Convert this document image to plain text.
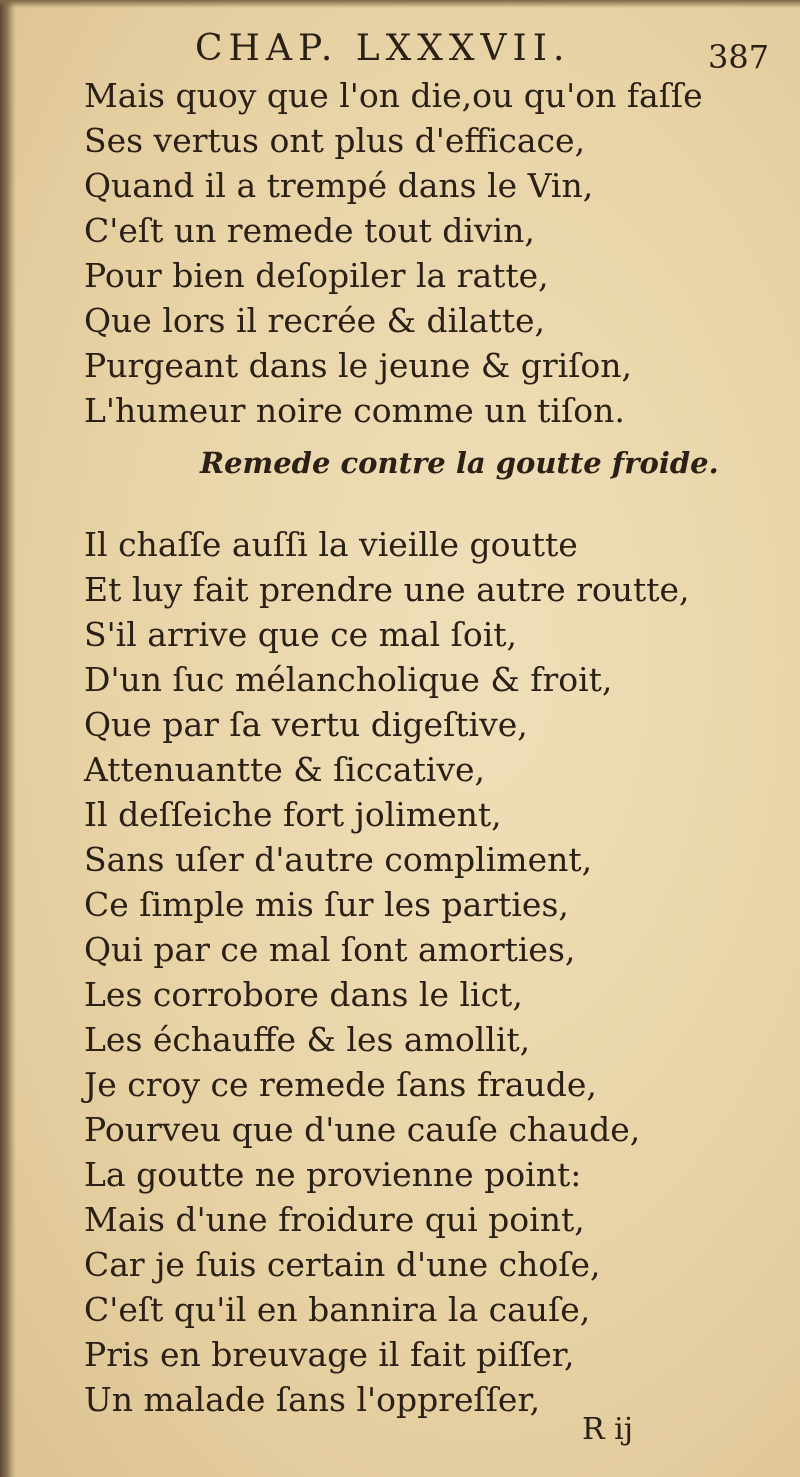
CHAP. LXXXVII.	387
Mais quoy que l'on die,ou qu'on faſſe
Ses vertus ont plus d'efficace,
Quand il a trempé dans le Vin,
C'eſt un remede tout divin,
Pour bien deſopiler la ratte,
Que lors il recrée & dilatte,
Purgeant dans le jeune & griſon,
L'humeur noire comme un tiſon.
Remede contre la goutte froide.
Il chaſſe auſſi la vieille goutte
Et luy fait prendre une autre routte,
S'il arrive que ce mal ſoit,
D'un ſuc mélancholique & froit,
Que par ſa vertu digeſtive,
Attenuantte & ſiccative,
Il deſſeiche fort joliment,
Sans uſer d'autre compliment,
Ce ſimple mis ſur les parties,
Qui par ce mal ſont amorties,
Les corrobore dans le lict,
Les échauffe & les amollit,
Je croy ce remede ſans fraude,
Pourveu que d'une cauſe chaude,
La goutte ne provienne point:
Mais d'une froidure qui point,
Car je ſuis certain d'une choſe,
C'eſt qu'il en bannira la cauſe,
Pris en breuvage il fait piſſer,
Un malade ſans l'oppreſſer,
R ij
